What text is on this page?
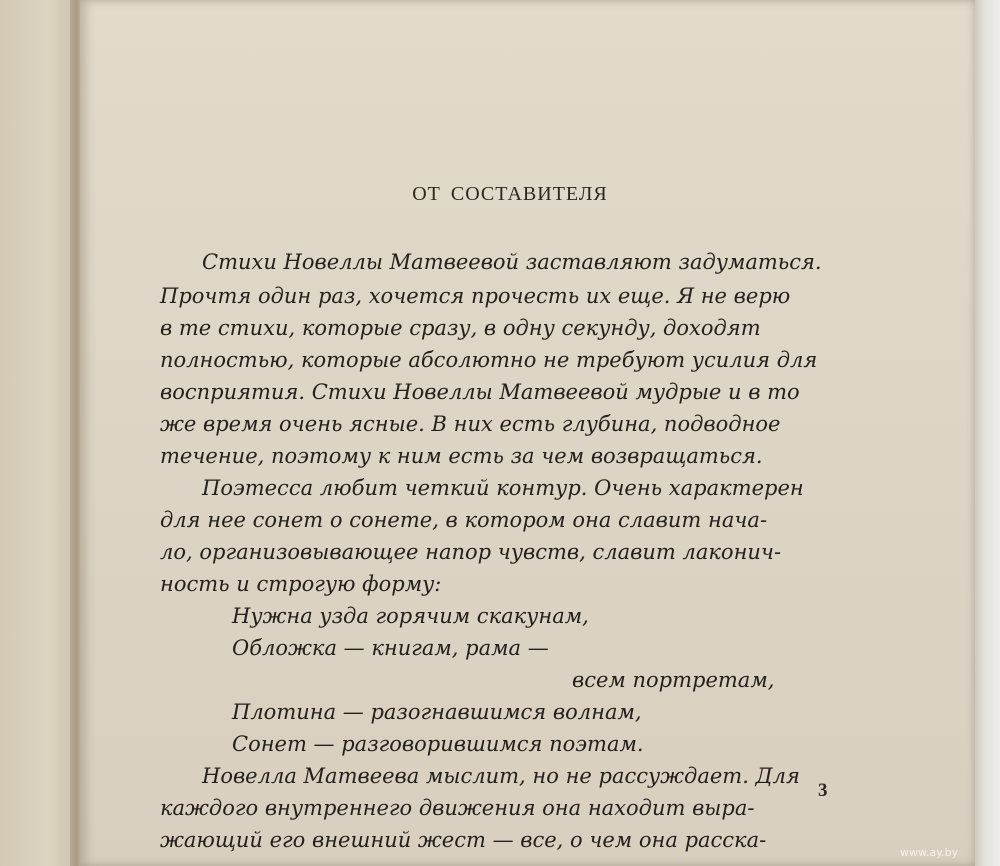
ОТ СОСТАВИТЕЛЯ
Стихи Новеллы Матвеевой заставляют задуматься.
Прочтя один раз, хочется прочесть их еще. Я не верю
в те стихи, которые сразу, в одну секунду, доходят
полностью, которые абсолютно не требуют усилия для
восприятия. Стихи Новеллы Матвеевой мудрые и в то
же время очень ясные. В них есть глубина, подводное
течение, поэтому к ним есть за чем возвращаться.
Поэтесса любит четкий контур. Очень характерен
для нее сонет о сонете, в котором она славит нача-
ло, организовывающее напор чувств, славит лаконич-
ность и строгую форму:
Нужна узда горячим скакунам,
Обложка — книгам, рама —
всем портретам,
Плотина — разогнавшимся волнам,
Сонет — разговорившимся поэтам.
Новелла Матвеева мыслит, но не рассуждает. Для
каждого внутреннего движения она находит выра-
жающий его внешний жест — все, о чем она расска-
3
www.ay.by
